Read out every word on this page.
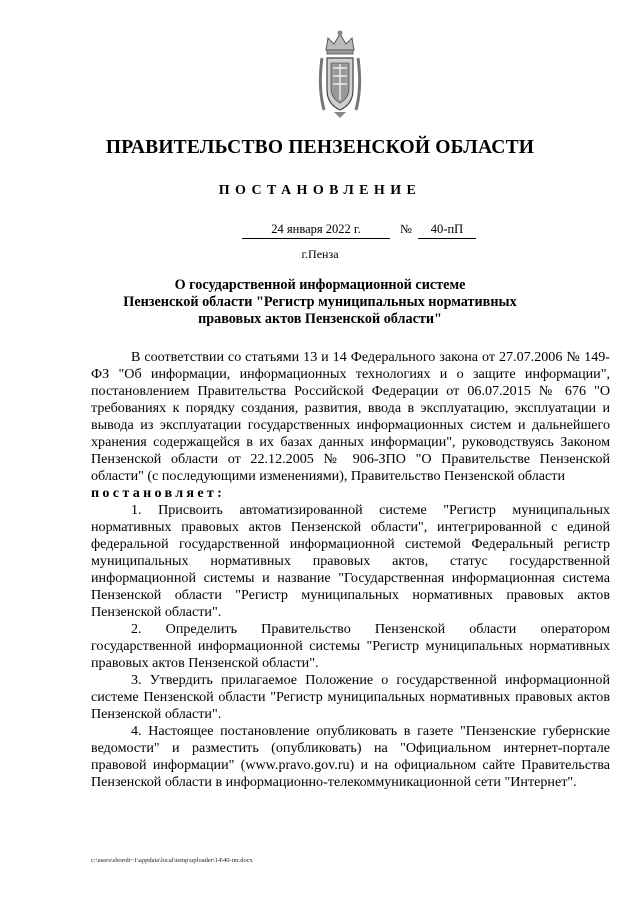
ПРАВИТЕЛЬСТВО ПЕНЗЕНСКОЙ ОБЛАСТИ
ПОСТАНОВЛЕНИЕ
24 января 2022 г.	№	40-пП
г.Пенза
О государственной информационной системе
Пензенской области "Регистр муниципальных нормативных
правовых актов Пензенской области"

В соответствии со статьями 13 и 14 Федерального закона от 27.07.2006 № 149-ФЗ "Об информации, информационных технологиях и о защите информации", постановлением Правительства Российской Федерации от 06.07.2015 № 676 "О требованиях к порядку создания, развития, ввода в эксплуатацию, эксплуатации и вывода из эксплуатации государственных информационных систем и дальнейшего хранения содержащейся в их базах данных информации", руководствуясь Законом Пензенской области от 22.12.2005 № 906-ЗПО "О Правительстве Пензенской области" (с последующими изменениями), Правительство Пензенской области

постановляет:

1. Присвоить автоматизированной системе "Регистр муниципальных нормативных правовых актов Пензенской области", интегрированной с единой федеральной государственной информационной системой Федеральный регистр муниципальных нормативных правовых актов, статус государственной информационной системы и название "Государственная информационная система Пензенской области "Регистр муниципальных нормативных правовых актов Пензенской области".

2. Определить Правительство Пензенской области оператором государственной информационной системы "Регистр муниципальных нормативных правовых актов Пензенской области".

3. Утвердить прилагаемое Положение о государственной информационной системе Пензенской области "Регистр муниципальных нормативных правовых актов Пензенской области".

4. Настоящее постановление опубликовать в газете "Пензенские губернские ведомости" и разместить (опубликовать) на "Официальном интернет-портале правовой информации" (www.pravo.gov.ru) и на официальном сайте Правительства Пензенской области в информационно-телекоммуникационной сети "Интернет".

c:\users\shoroh~1\appdata\local\temp\uploader\14\40-пп.docx
